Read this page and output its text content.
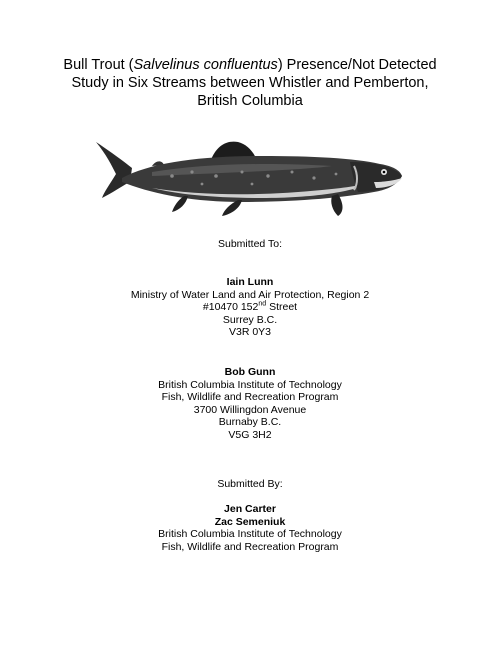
Bull Trout (Salvelinus confluentus) Presence/Not Detected
Study in Six Streams between Whistler and Pemberton,
British Columbia
Submitted To:
Iain Lunn
Ministry of Water Land and Air Protection, Region 2
#10470 152nd Street
Surrey B.C.
V3R 0Y3
Bob Gunn
British Columbia Institute of Technology
Fish, Wildlife and Recreation Program
3700 Willingdon Avenue
Burnaby B.C.
V5G 3H2
Submitted By:
Jen Carter
Zac Semeniuk
British Columbia Institute of Technology
Fish, Wildlife and Recreation Program
